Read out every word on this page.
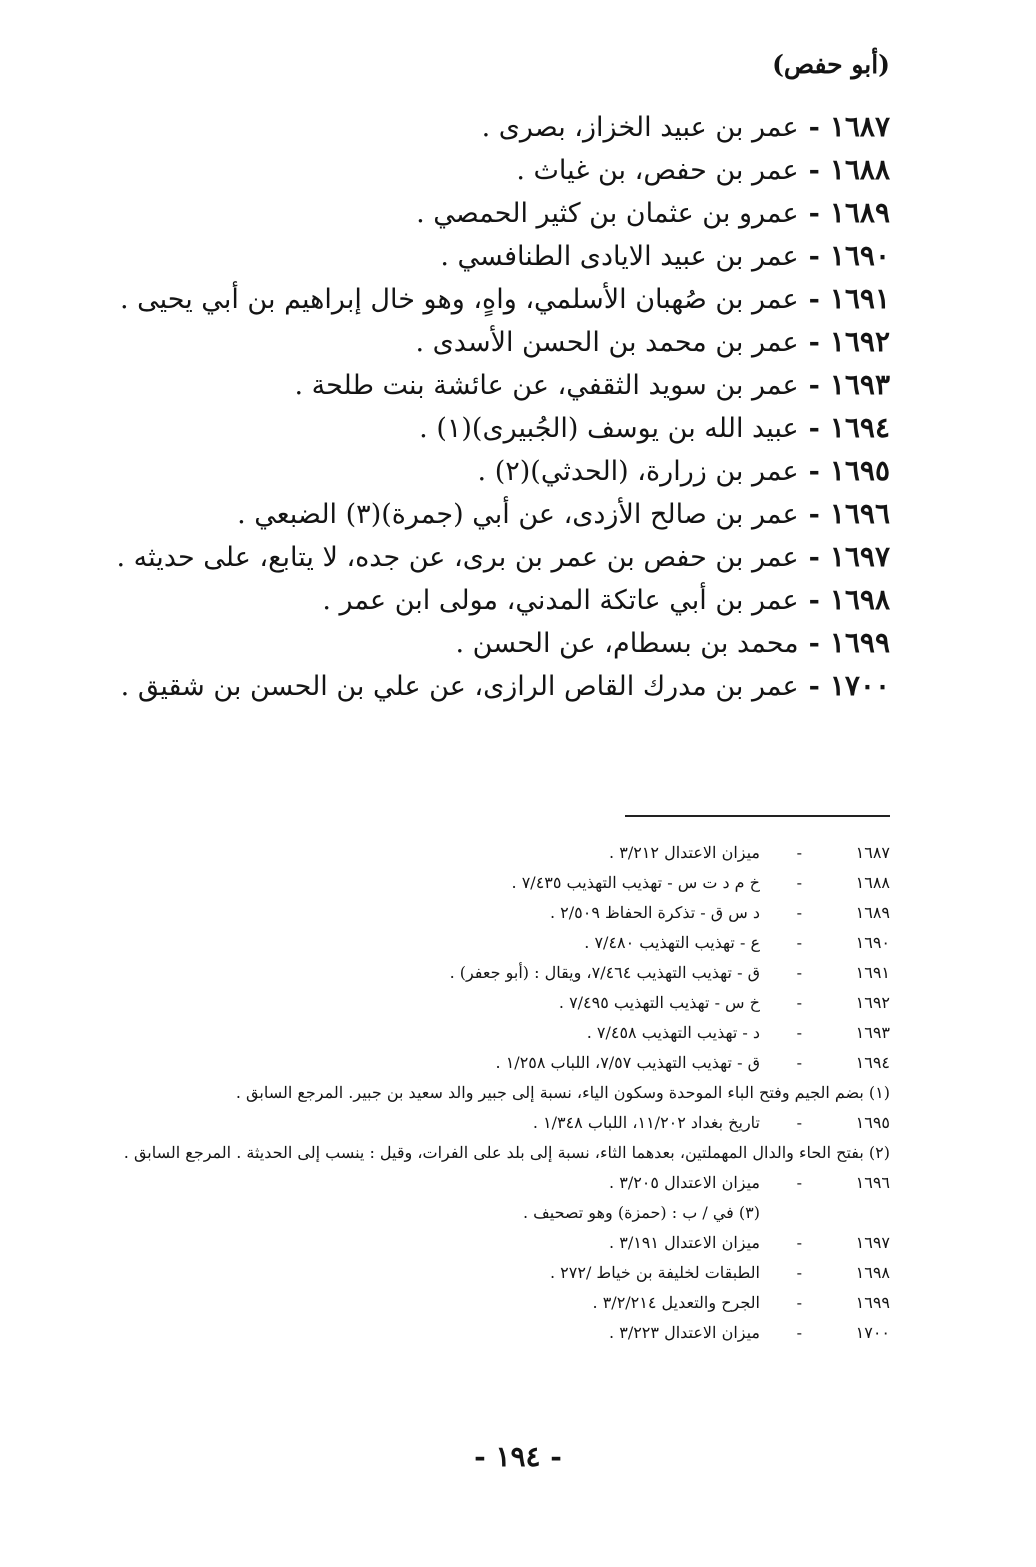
(أبو حفص)
١٦٨٧
-
عمر بن عبيد الخزاز، بصرى .
١٦٨٨
-
عمر بن حفص، بن غياث .
١٦٨٩
-
عمرو بن عثمان بن كثير الحمصي .
١٦٩٠
-
عمر بن عبيد الايادى الطنافسي .
١٦٩١
-
عمر بن صُهبان الأسلمي، واهٍ، وهو خال إبراهيم بن أبي يحيى .
١٦٩٢
-
عمر بن محمد بن الحسن الأسدى .
١٦٩٣
-
عمر بن سويد الثقفي، عن عائشة بنت طلحة .
١٦٩٤
-
عبيد الله بن يوسف (الجُبيرى)(١) .
١٦٩٥
-
عمر بن زرارة، (الحدثي)(٢) .
١٦٩٦
-
عمر بن صالح الأزدى، عن أبي (جمرة)(٣) الضبعي .
١٦٩٧
-
عمر بن حفص بن عمر بن برى، عن جده، لا يتابع، على حديثه .
١٦٩٨
-
عمر بن أبي عاتكة المدني، مولى ابن عمر .
١٦٩٩
-
محمد بن بسطام، عن الحسن .
١٧٠٠
-
عمر بن مدرك القاص الرازى، عن علي بن الحسن بن شقيق .
١٦٨٧
-
ميزان الاعتدال ٣/٢١٢ .
١٦٨٨
-
خ م د ت س - تهذيب التهذيب ٧/٤٣٥ .
١٦٨٩
-
د س ق - تذكرة الحفاظ ٢/٥٠٩ .
١٦٩٠
-
ع - تهذيب التهذيب ٧/٤٨٠ .
١٦٩١
-
ق - تهذيب التهذيب ٧/٤٦٤، ويقال : (أبو جعفر) .
١٦٩٢
-
خ س - تهذيب التهذيب ٧/٤٩٥ .
١٦٩٣
-
د - تهذيب التهذيب ٧/٤٥٨ .
١٦٩٤
-
ق - تهذيب التهذيب ٧/٥٧، اللباب ١/٢٥٨ .
(١) بضم الجيم وفتح الباء الموحدة وسكون الياء، نسبة إلى جبير والد سعيد بن جبير. المرجع السابق .
١٦٩٥
-
تاريخ بغداد ١١/٢٠٢، اللباب ١/٣٤٨ .
(٢) بفتح الحاء والدال المهملتين، بعدهما الثاء، نسبة إلى بلد على الفرات، وقيل : ينسب إلى الحديثة . المرجع السابق .
١٦٩٦
-
ميزان الاعتدال ٣/٢٠٥ .
(٣) في / ب : (حمزة) وهو تصحيف .
١٦٩٧
-
ميزان الاعتدال ٣/١٩١ .
١٦٩٨
-
الطبقات لخليفة بن خياط /٢٧٢ .
١٦٩٩
-
الجرح والتعديل ٣/٢/٢١٤ .
١٧٠٠
-
ميزان الاعتدال ٣/٢٢٣ .
- ١٩٤ -
